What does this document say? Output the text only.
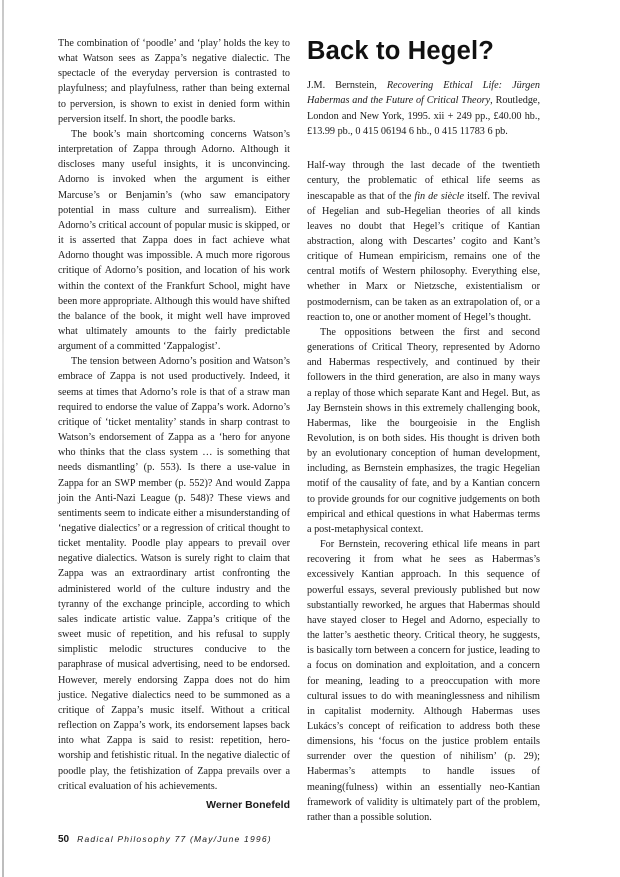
The combination of ‘poodle’ and ‘play’ holds the key to what Watson sees as Zappa’s negative dialectic. The spectacle of the everyday perversion is contrasted to playfulness; and playfulness, rather than being external to perversion, is shown to exist in denied form within perversion itself. In short, the poodle barks.

The book’s main shortcoming concerns Watson’s interpretation of Zappa through Adorno. Although it discloses many useful insights, it is unconvincing. Adorno is invoked when the argument is either Marcuse’s or Benjamin’s (who saw emancipatory potential in mass culture and surrealism). Either Adorno’s critical account of popular music is skipped, or it is asserted that Zappa does in fact achieve what Adorno thought was impossible. A much more rigorous critique of Adorno’s position, and location of his work within the context of the Frankfurt School, might have been more appropriate. Although this would have shifted the balance of the book, it might well have improved what ultimately amounts to the fairly predictable argument of a committed ‘Zappalogist’.

The tension between Adorno’s position and Watson’s embrace of Zappa is not used productively. Indeed, it seems at times that Adorno’s role is that of a straw man required to endorse the value of Zappa’s work. Adorno’s critique of ‘ticket mentality’ stands in sharp contrast to Watson’s endorsement of Zappa as a ‘hero for anyone who thinks that the class system … is something that needs dismantling’ (p. 553). Is there a use-value in Zappa for an SWP member (p. 552)? And would Zappa join the Anti-Nazi League (p. 548)? These views and sentiments seem to indicate either a misunderstanding of ‘negative dialectics’ or a regression of critical thought to ticket mentality. Poodle play appears to prevail over negative dialectics. Watson is surely right to claim that Zappa was an extraordinary artist confronting the administered world of the culture industry and the tyranny of the exchange principle, according to which sales indicate artistic value. Zappa’s critique of the sweet music of repetition, and his refusal to supply simplistic melodic structures conducive to the paraphrase of musical advertising, need to be endorsed. However, merely endorsing Zappa does not do him justice. Negative dialectics need to be summoned as a critique of Zappa’s music itself. Without a critical reflection on Zappa’s work, its endorsement lapses back into what Zappa is said to resist: repetition, hero-worship and fetishistic ritual. In the negative dialectic of poodle play, the fetishization of Zappa prevails over a critical evaluation of his achievements.

Werner Bonefeld
Back to Hegel?

J.M. Bernstein, Recovering Ethical Life: Jürgen Habermas and the Future of Critical Theory, Routledge, London and New York, 1995. xii + 249 pp., £40.00 hb., £13.99 pb., 0 415 06194 6 hb., 0 415 11783 6 pb.

Half-way through the last decade of the twentieth century, the problematic of ethical life seems as inescapable as that of the fin de siècle itself. The revival of Hegelian and sub-Hegelian theories of all kinds leaves no doubt that Hegel’s critique of Kantian abstraction, along with Descartes’ cogito and Kant’s critique of Humean empiricism, remains one of the central motifs of Western philosophy. Everything else, whether in Marx or Nietzsche, existentialism or postmodernism, can be taken as an extrapolation of, or a reaction to, one or another moment of Hegel’s thought.

The oppositions between the first and second generations of Critical Theory, represented by Adorno and Habermas respectively, and continued by their followers in the third generation, are also in many ways a replay of those which separate Kant and Hegel. But, as Jay Bernstein shows in this extremely challenging book, Habermas, like the bourgeoisie in the English Revolution, is on both sides. His thought is driven both by an evolutionary conception of human development, including, as Bernstein emphasizes, the tragic Hegelian motif of the causality of fate, and by a Kantian concern to provide grounds for our cognitive judgements on both empirical and ethical questions in what Habermas terms a post-metaphysical context.

For Bernstein, recovering ethical life means in part recovering it from what he sees as Habermas’s excessively Kantian approach. In this sequence of powerful essays, several previously published but now substantially reworked, he argues that Habermas should have stayed closer to Hegel and Adorno, especially to the latter’s aesthetic theory. Critical theory, he suggests, is basically torn between a concern for justice, leading to a focus on domination and exploitation, and a concern for meaning, leading to a preoccupation with more cultural issues to do with meaninglessness and nihilism in capitalist modernity. Although Habermas uses Lukács’s concept of reification to address both these dimensions, his ‘focus on the justice problem entails surrender over the question of nihilism’ (p. 29); Habermas’s attempts to handle issues of meaning(fulness) within an essentially neo-Kantian framework of validity is ultimately part of the problem, rather than a possible solution.

50 Radical Philosophy 77 (May/June 1996)
